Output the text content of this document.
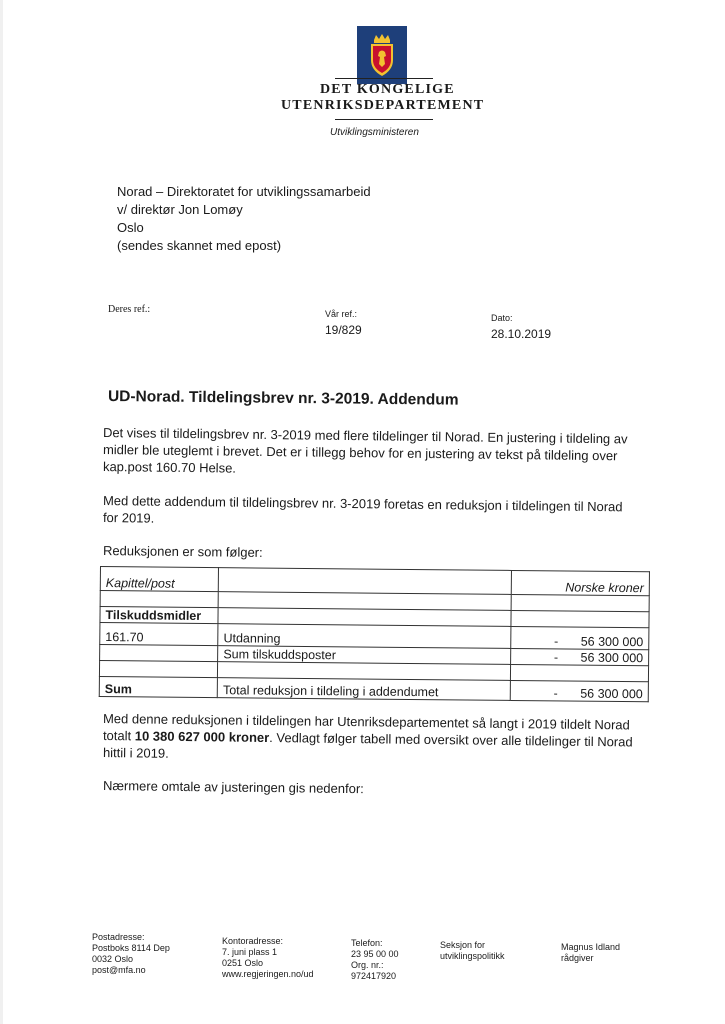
DET KONGELIGE
UTENRIKSDEPARTEMENT
Utviklingsministeren
Norad – Direktoratet for utviklingssamarbeid
v/ direktør Jon Lomøy
Oslo
(sendes skannet med epost)
Deres ref.:	Vår ref.:
19/829
Dato:
28.10.2019
UD-Norad. Tildelingsbrev nr. 3-2019. Addendum
Det vises til tildelingsbrev nr. 3-2019 med flere tildelinger til Norad. En justering i tildeling av
midler ble uteglemt i brevet. Det er i tillegg behov for en justering av tekst på tildeling over
kap.post 160.70 Helse.
Med dette addendum til tildelingsbrev nr. 3-2019 foretas en reduksjon i tildelingen til Norad
for 2019.
Reduksjonen er som følger:
Kapittel/post		Norske kroner

Tilskuddsmidler		
161.70	Utdanning	- 56 300 000

	Sum tilskuddsposter	- 56 300 000

Sum	Total reduksjon i tildeling i addendumet	- 56 300 000
Med denne reduksjonen i tildelingen har Utenriksdepartementet så langt i 2019 tildelt Norad
totalt 10 380 627 000 kroner. Vedlagt følger tabell med oversikt over alle tildelinger til Norad
hittil i 2019.
Nærmere omtale av justeringen gis nedenfor:
Postadresse:
Postboks 8114 Dep
0032 Oslo
post@mfa.no
Kontoradresse:
7. juni plass 1
0251 Oslo
www.regjeringen.no/ud
Telefon:
23 95 00 00
Org. nr.:
972417920
Seksjon for
utviklingspolitikk
Magnus Idland
rådgiver
